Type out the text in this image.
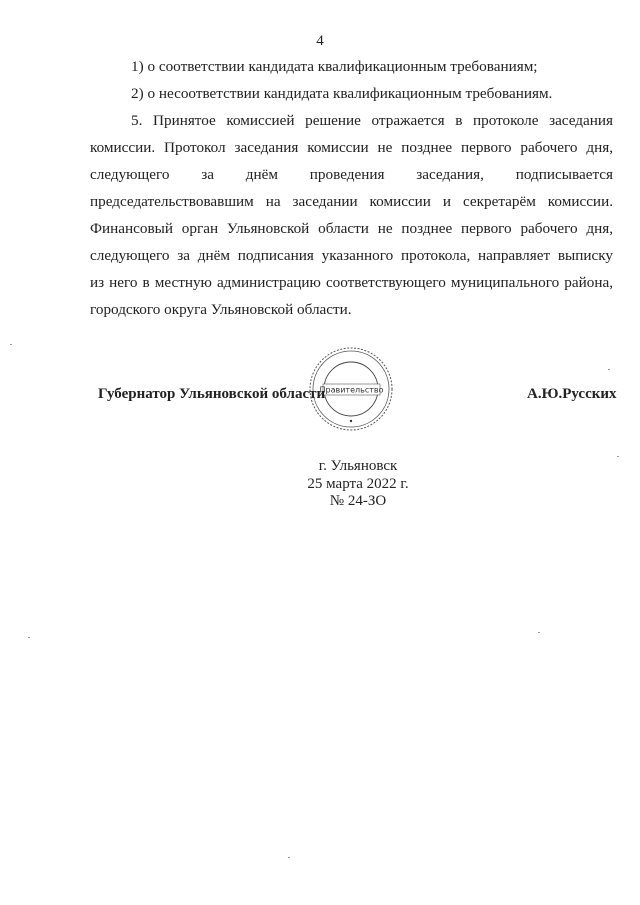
4
1) о соответствии кандидата квалификационным требованиям;
2) о несоответствии кандидата квалификационным требованиям.
5. Принятое комиссией решение отражается в протоколе заседания
комиссии. Протокол заседания комиссии не позднее первого рабочего дня,
следующего за днём проведения заседания, подписывается
председательствовавшим на заседании комиссии и секретарём комиссии.
Финансовый орган Ульяновской области не позднее первого рабочего дня,
следующего за днём подписания указанного протокола, направляет выписку
из него в местную администрацию соответствующего муниципального района,
городского округа Ульяновской области.
Правительство
Губернатор Ульяновской области	А.Ю.Русских
г. Ульяновск
25 марта 2022 г.
№ 24-ЗО
